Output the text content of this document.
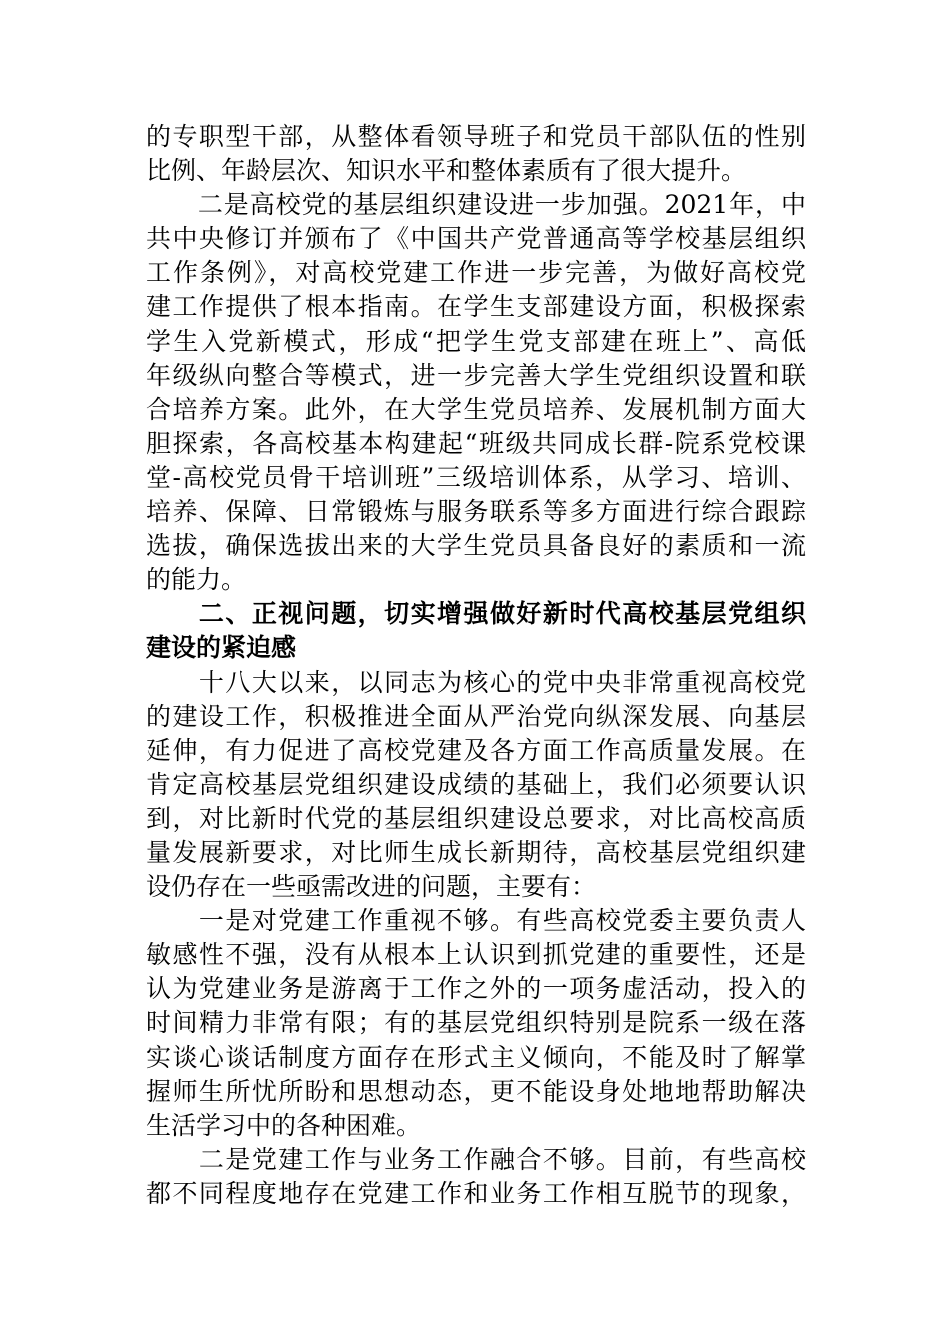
的专职型干部，从整体看领导班子和党员干部队伍的性别
比例、年龄层次、知识水平和整体素质有了很大提升。
　　二是高校党的基层组织建设进一步加强。2021年，中
共中央修订并颁布了《中国共产党普通高等学校基层组织
工作条例》，对高校党建工作进一步完善，为做好高校党
建工作提供了根本指南。在学生支部建设方面，积极探索
学生入党新模式，形成“把学生党支部建在班上”、高低
年级纵向整合等模式，进一步完善大学生党组织设置和联
合培养方案。此外，在大学生党员培养、发展机制方面大
胆探索，各高校基本构建起“班级共同成长群-院系党校课
堂-高校党员骨干培训班”三级培训体系，从学习、培训、
培养、保障、日常锻炼与服务联系等多方面进行综合跟踪
选拔，确保选拔出来的大学生党员具备良好的素质和一流
的能力。
　　二、正视问题，切实增强做好新时代高校基层党组织
建设的紧迫感
　　十八大以来，以同志为核心的党中央非常重视高校党
的建设工作，积极推进全面从严治党向纵深发展、向基层
延伸，有力促进了高校党建及各方面工作高质量发展。在
肯定高校基层党组织建设成绩的基础上，我们必须要认识
到，对比新时代党的基层组织建设总要求，对比高校高质
量发展新要求，对比师生成长新期待，高校基层党组织建
设仍存在一些亟需改进的问题，主要有：
　　一是对党建工作重视不够。有些高校党委主要负责人
敏感性不强，没有从根本上认识到抓党建的重要性，还是
认为党建业务是游离于工作之外的一项务虚活动，投入的
时间精力非常有限；有的基层党组织特别是院系一级在落
实谈心谈话制度方面存在形式主义倾向，不能及时了解掌
握师生所忧所盼和思想动态，更不能设身处地地帮助解决
生活学习中的各种困难。
　　二是党建工作与业务工作融合不够。目前，有些高校
都不同程度地存在党建工作和业务工作相互脱节的现象，
